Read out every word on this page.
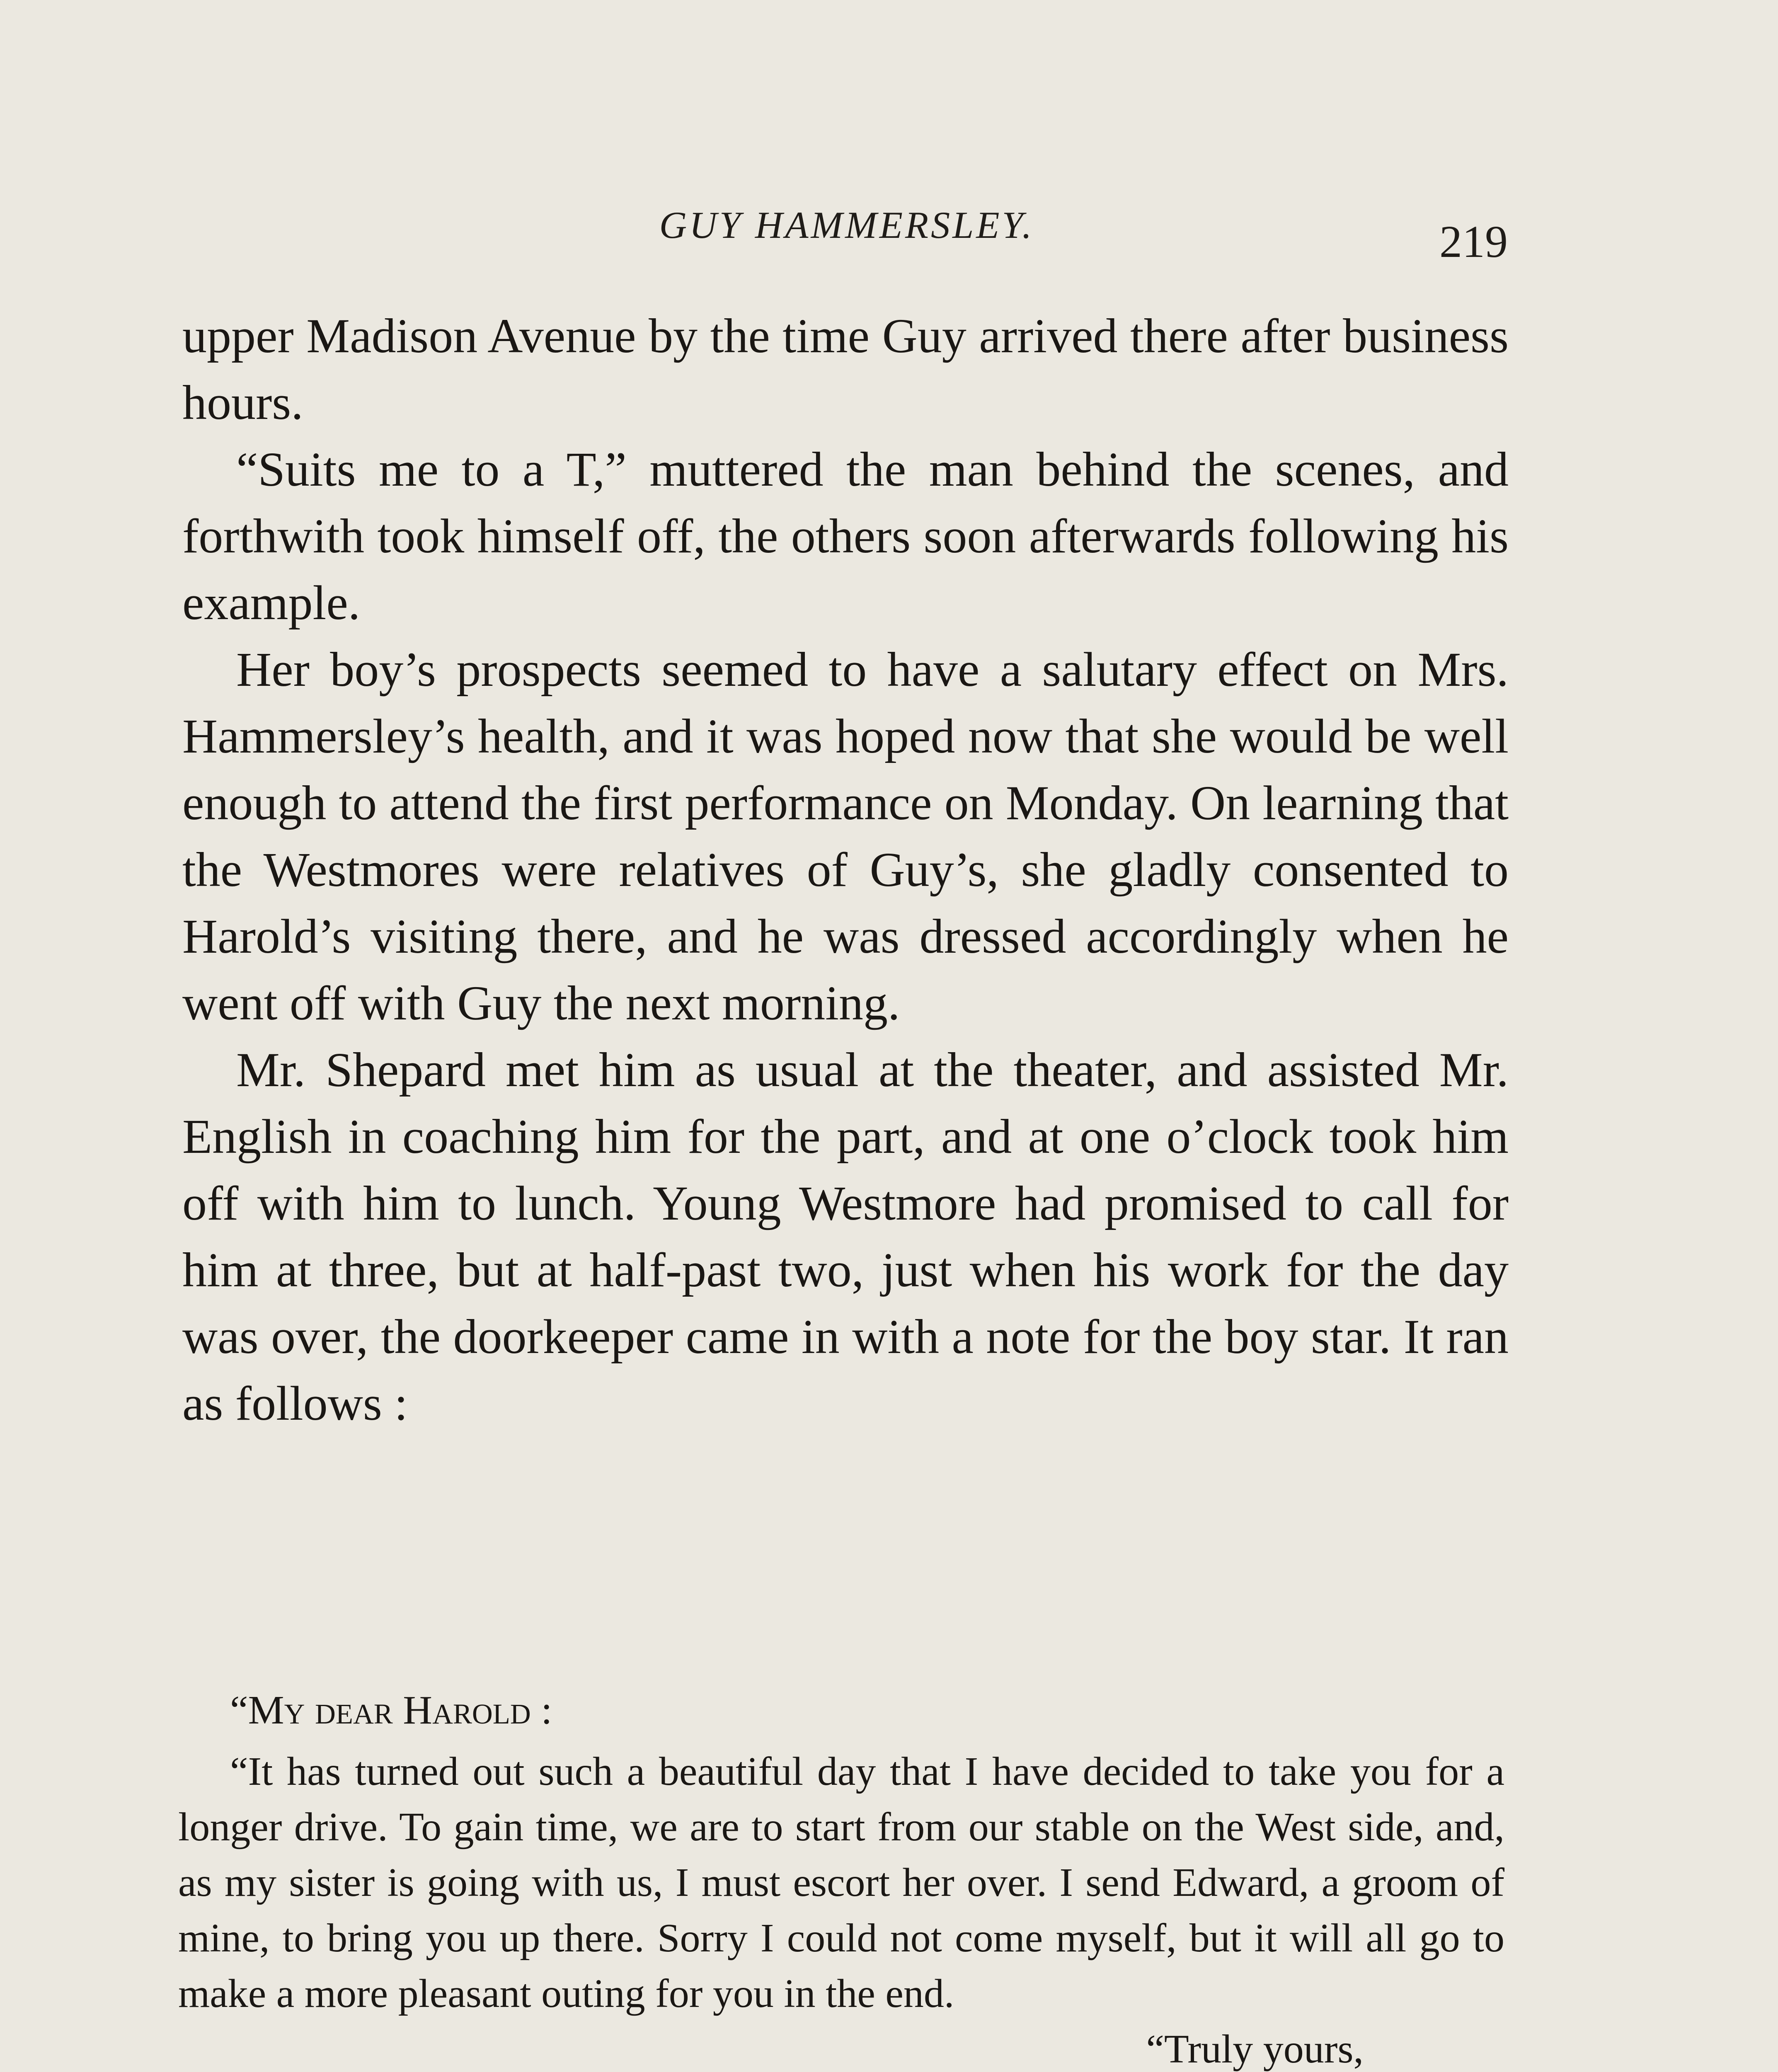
GUY HAMMERSLEY.	219

upper Madison Avenue by the time Guy arrived there after business hours.

“Suits me to a T,” muttered the man behind the scenes, and forthwith took himself off, the others soon afterwards following his example.

Her boy’s prospects seemed to have a salutary effect on Mrs. Hammersley’s health, and it was hoped now that she would be well enough to attend the first performance on Monday. On learning that the Westmores were relatives of Guy’s, she gladly consented to Harold’s visiting there, and he was dressed accordingly when he went off with Guy the next morning.

Mr. Shepard met him as usual at the theater, and assisted Mr. English in coaching him for the part, and at one o’clock took him off with him to lunch. Young Westmore had promised to call for him at three, but at half-past two, just when his work for the day was over, the doorkeeper came in with a note for the boy star. It ran as follows :

“My dear Harold :

“It has turned out such a beautiful day that I have decided to take you for a longer drive. To gain time, we are to start from our stable on the West side, and, as my sister is going with us, I must escort her over. I send Edward, a groom of mine, to bring you up there. Sorry I could not come myself, but it will all go to make a more pleasant outing for you in the end.

“Truly yours,
